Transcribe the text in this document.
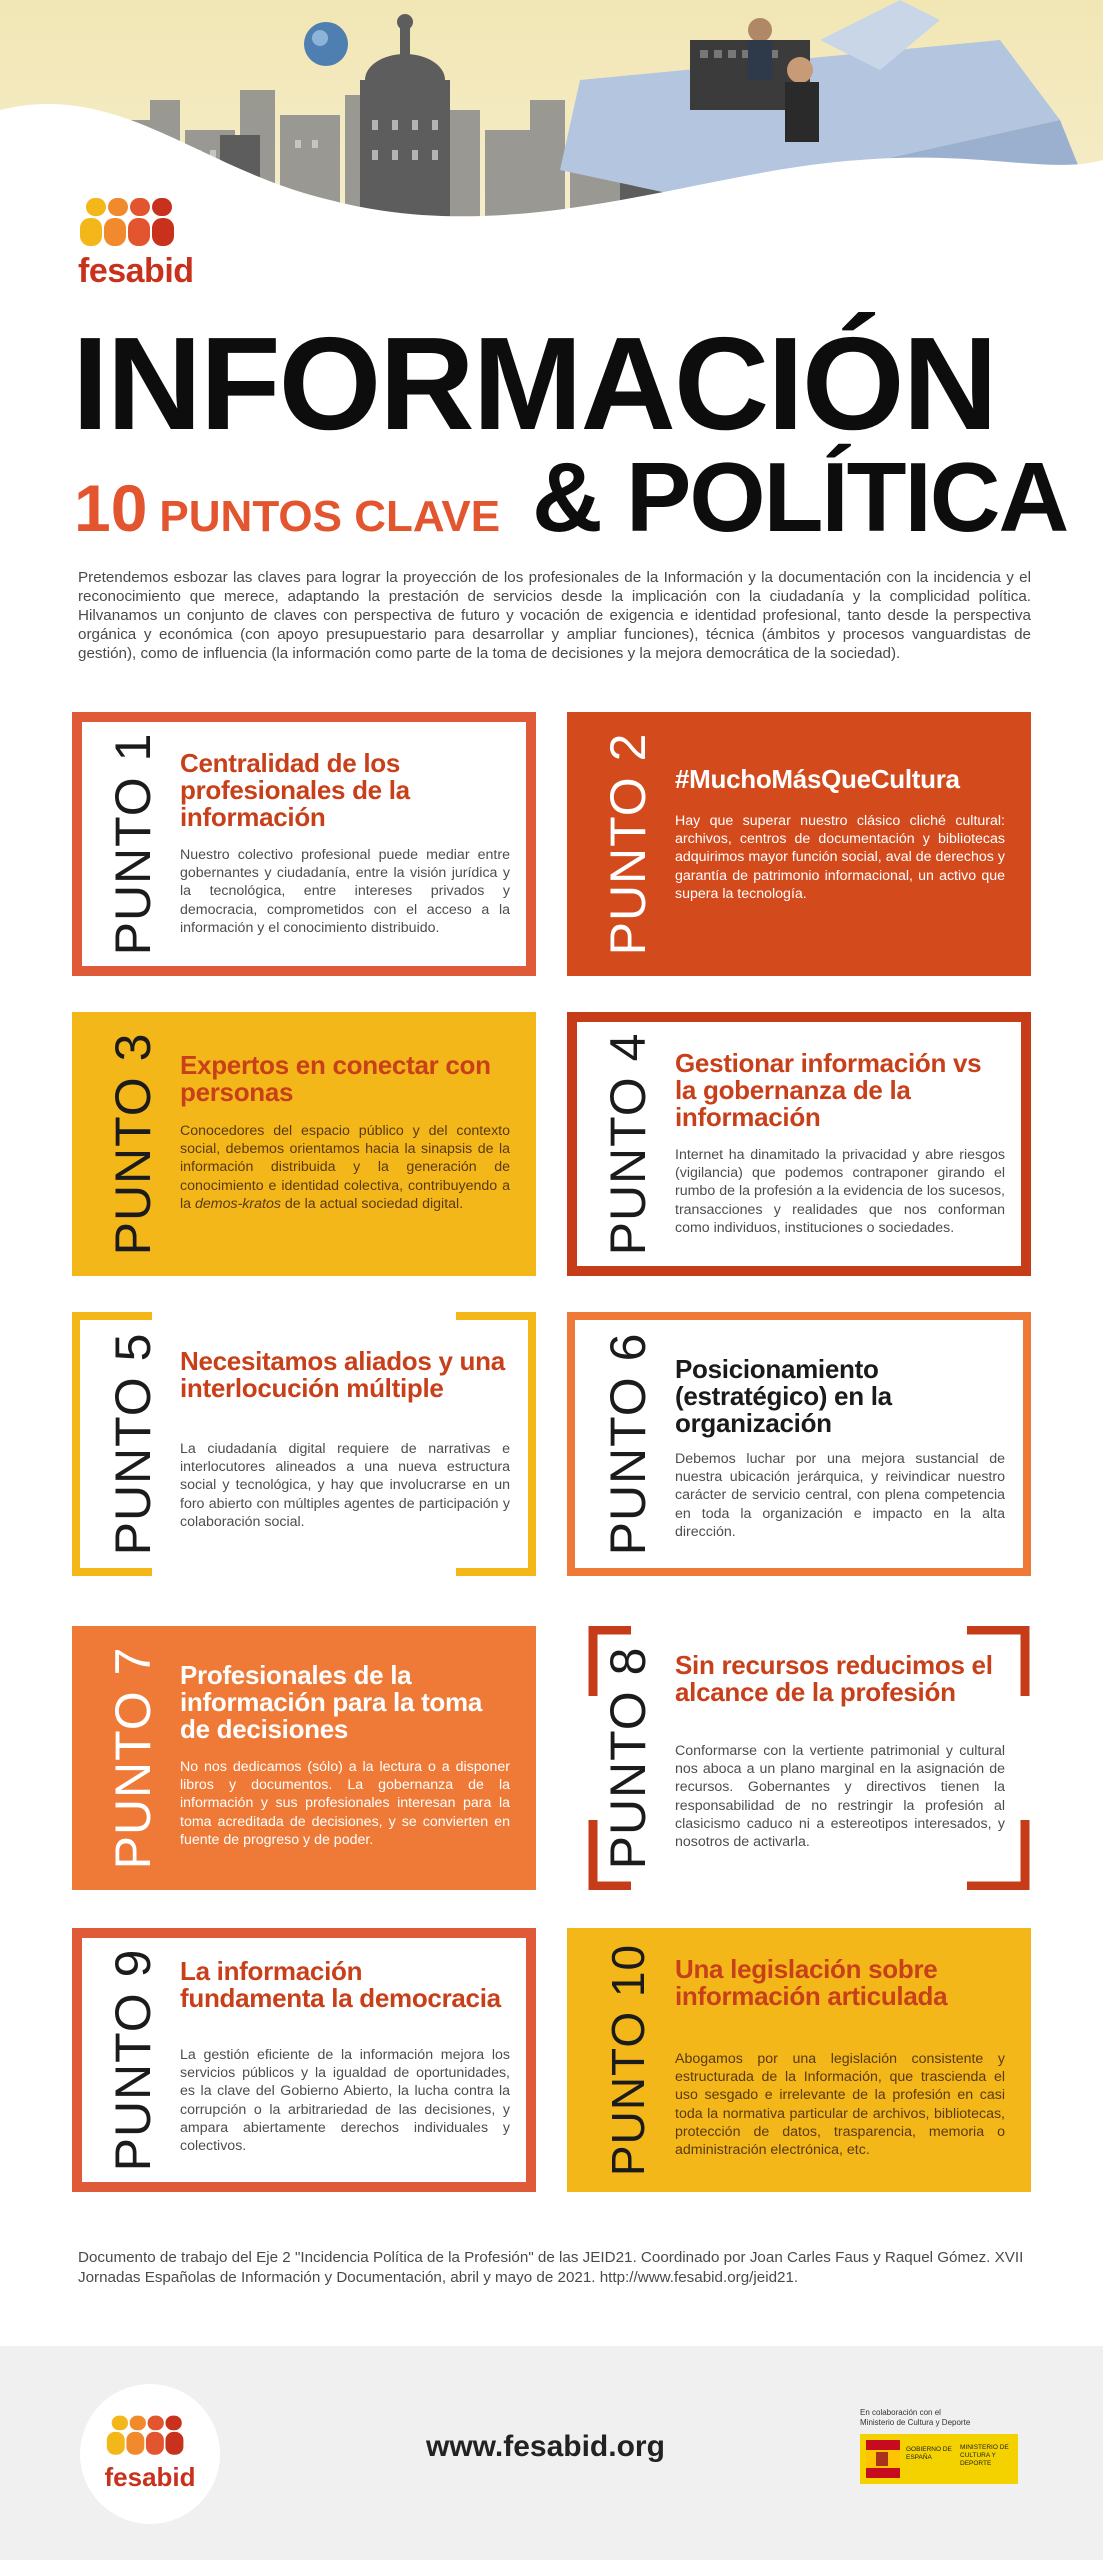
fesabid
INFORMACIÓN
10 PUNTOS CLAVE & POLÍTICA
Pretendemos esbozar las claves para lograr la proyección de los profesionales de la Información y la documentación con la incidencia y el reconocimiento que merece, adaptando la prestación de servicios desde la implicación con la ciudadanía y la complicidad política. Hilvanamos un conjunto de claves con perspectiva de futuro y vocación de exigencia e identidad profesional, tanto desde la perspectiva orgánica y económica (con apoyo presupuestario para desarrollar y ampliar funciones), técnica (ámbitos y procesos vanguardistas de gestión), como de influencia (la información como parte de la toma de decisiones y la mejora democrática de la sociedad).
PUNTO 1 Centralidad de los profesionales de la información

Nuestro colectivo profesional puede mediar entre gobernantes y ciudadanía, entre la visión jurídica y la tecnológica, entre intereses privados y democracia, comprometidos con el acceso a la información y el conocimiento distribuido.	PUNTO 2 #MuchoMásQueCultura

Hay que superar nuestro clásico cliché cultural: archivos, centros de documentación y bibliotecas adquirimos mayor función social, aval de derechos y garantía de patrimonio informacional, un activo que supera la tecnología.

PUNTO 3 Expertos en conectar con personas

Conocedores del espacio público y del contexto social, debemos orientamos hacia la sinapsis de la información distribuida y la generación de conocimiento e identidad colectiva, contribuyendo a la demos-kratos de la actual sociedad digital.	PUNTO 4 Gestionar información vs la gobernanza de la información

Internet ha dinamitado la privacidad y abre riesgos (vigilancia) que podemos contraponer girando el rumbo de la profesión a la evidencia de los sucesos, transacciones y realidades que nos conforman como individuos, instituciones o sociedades.

PUNTO 5 Necesitamos aliados y una interlocución múltiple

La ciudadanía digital requiere de narrativas e interlocutores alineados a una nueva estructura social y tecnológica, y hay que involucrarse en un foro abierto con múltiples agentes de participación y colaboración social.	PUNTO 6 Posicionamiento (estratégico) en la organización

Debemos luchar por una mejora sustancial de nuestra ubicación jerárquica, y reivindicar nuestro carácter de servicio central, con plena competencia en toda la organización e impacto en la alta dirección.

PUNTO 7 Profesionales de la información para la toma de decisiones

No nos dedicamos (sólo) a la lectura o a disponer libros y documentos. La gobernanza de la información y sus profesionales interesan para la toma acreditada de decisiones, y se convierten en fuente de progreso y de poder.	PUNTO 8 Sin recursos reducimos el alcance de la profesión

Conformarse con la vertiente patrimonial y cultural nos aboca a un plano marginal en la asignación de recursos. Gobernantes y directivos tienen la responsabilidad de no restringir la profesión al clasicismo caduco ni a estereotipos interesados, y nosotros de activarla.

PUNTO 9 La información fundamenta la democracia

La gestión eficiente de la información mejora los servicios públicos y la igualdad de oportunidades, es la clave del Gobierno Abierto, la lucha contra la corrupción o la arbitrariedad de las decisiones, y ampara abiertamente derechos individuales y colectivos.	PUNTO 10 Una legislación sobre información articulada

Abogamos por una legislación consistente y estructurada de la Información, que trascienda el uso sesgado e irrelevante de la profesión en casi toda la normativa particular de archivos, bibliotecas, protección de datos, trasparencia, memoria o administración electrónica, etc.

Documento de trabajo del Eje 2 "Incidencia Política de la Profesión" de las JEID21. Coordinado por Joan Carles Faus y Raquel Gómez. XVII Jornadas Españolas de Información y Documentación, abril y mayo de 2021. http://www.fesabid.org/jeid21.
fesabid
www.fesabid.org
En colaboración con el
Ministerio de Cultura y Deporte
GOBIERNO DE ESPAÑA
MINISTERIO DE CULTURA Y DEPORTE
